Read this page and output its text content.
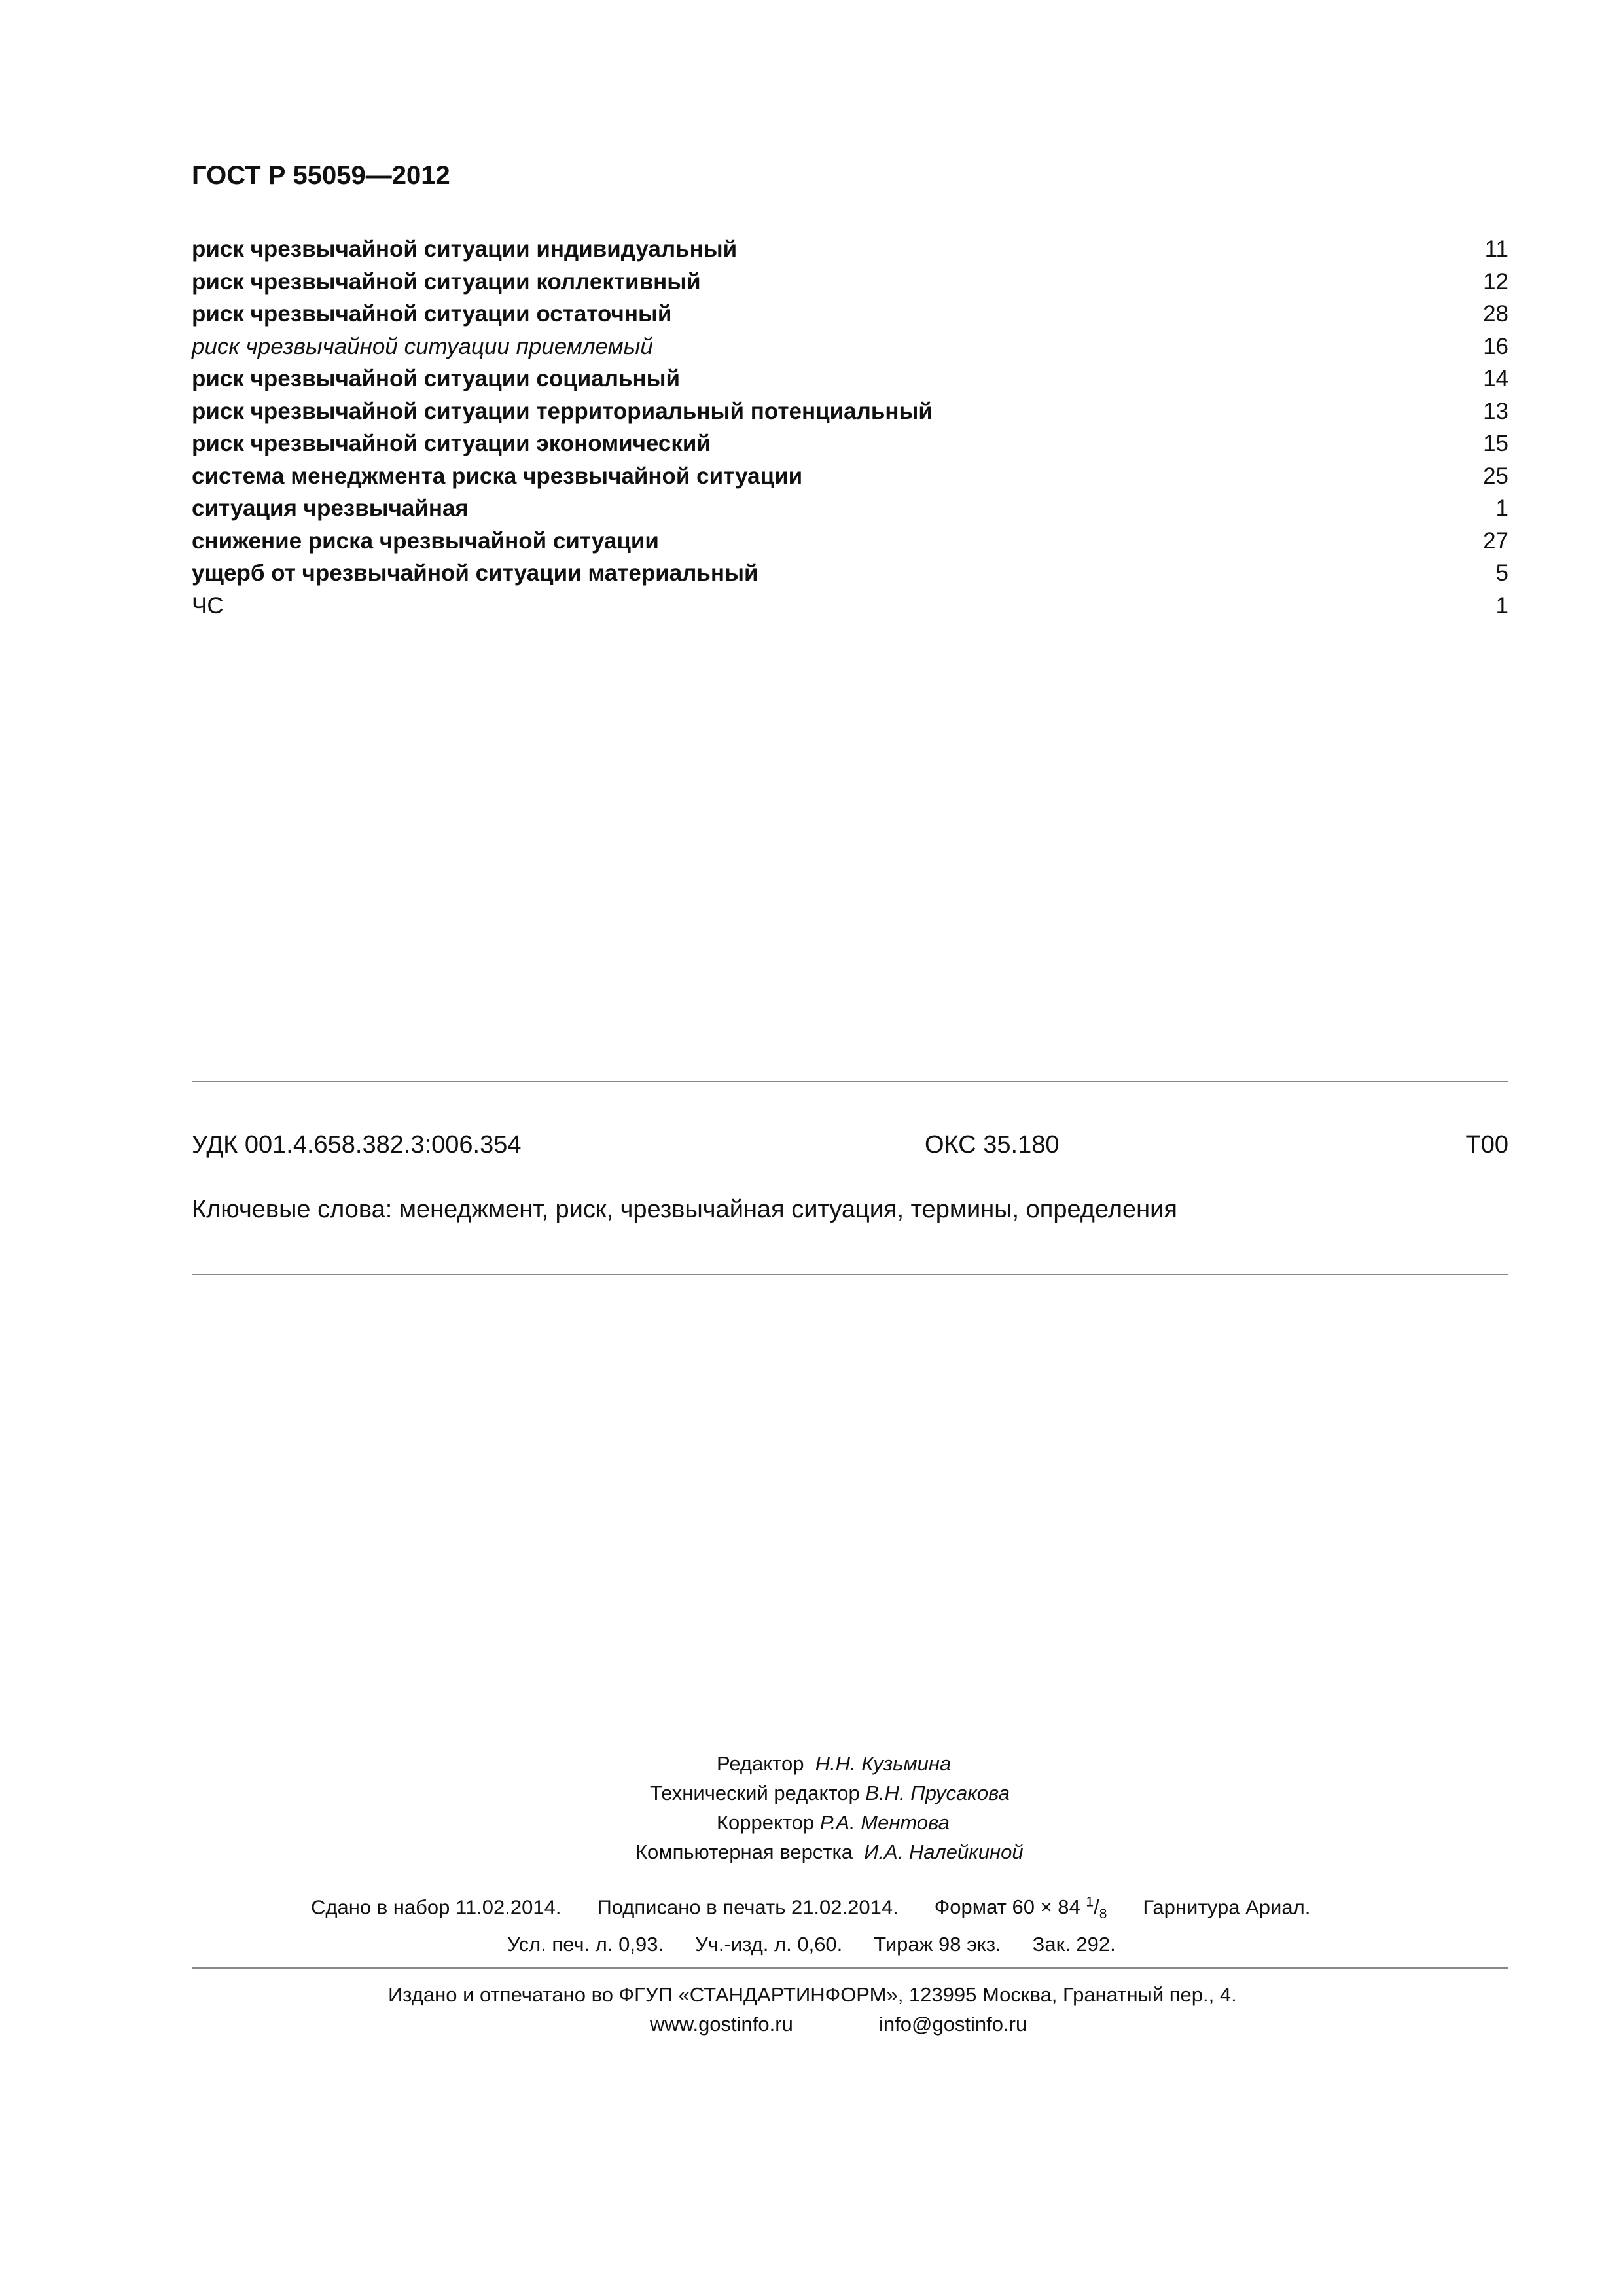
ГОСТ Р 55059—2012
риск чрезвычайной ситуации индивидуальный	11
риск чрезвычайной ситуации коллективный	12
риск чрезвычайной ситуации остаточный	28
риск чрезвычайной ситуации приемлемый	16
риск чрезвычайной ситуации социальный	14
риск чрезвычайной ситуации территориальный потенциальный	13
риск чрезвычайной ситуации экономический	15
система менеджмента риска чрезвычайной ситуации	25
ситуация чрезвычайная	1
снижение риска чрезвычайной ситуации	27
ущерб от чрезвычайной ситуации материальный	5
ЧС	1
УДК 001.4.658.382.3:006.354	ОКС 35.180	Т00
Ключевые слова: менеджмент, риск, чрезвычайная ситуация, термины, определения
Редактор Н.Н. Кузьмина
Технический редактор В.Н. Прусакова
Корректор Р.А. Ментова
Компьютерная верстка И.А. Налейкиной
Сдано в набор 11.02.2014. Подписано в печать 21.02.2014. Формат 60 × 84 $^1/_8$ Гарнитура Ариал.
Усл. печ. л. 0,93. Уч.-изд. л. 0,60. Тираж 98 экз. Зак. 292.
Издано и отпечатано во ФГУП «СТАНДАРТИНФОРМ», 123995 Москва, Гранатный пер., 4.
www.gostinfo.ru	info@gostinfo.ru
